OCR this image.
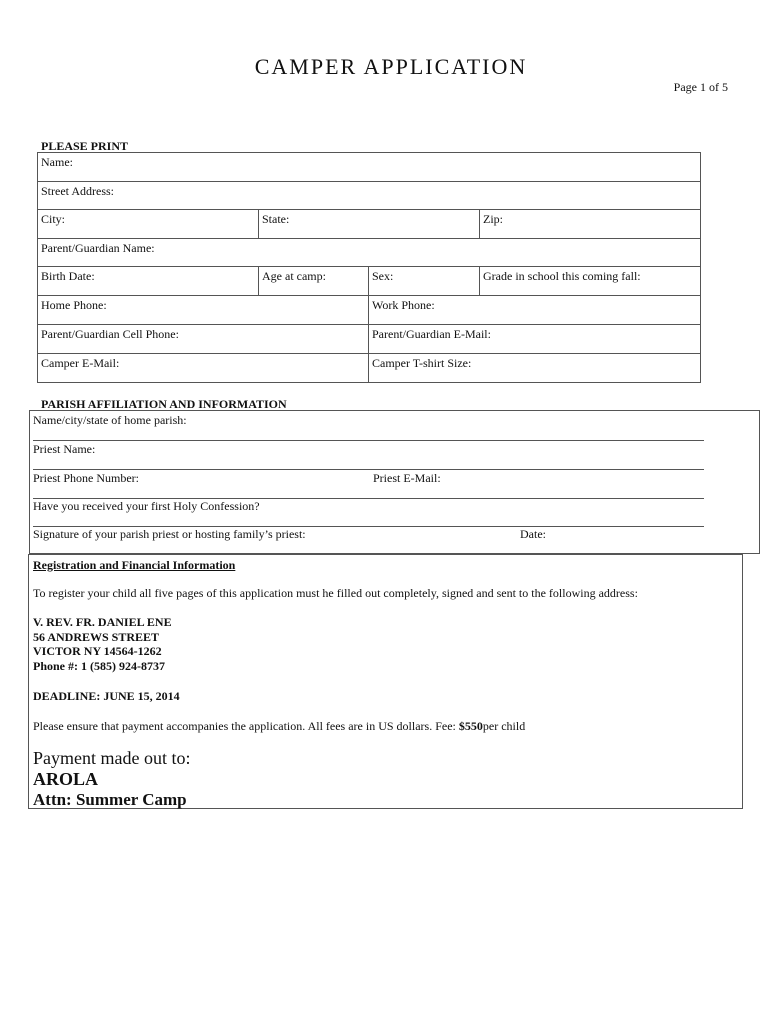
CAMPER APPLICATION
Page 1 of 5
PLEASE PRINT
Name:
Street Address:
City:	State:	Zip:
Parent/Guardian Name:
Birth Date:	Age at camp:	Sex:	Grade in school this coming fall:
Home Phone:	Work Phone:
Parent/Guardian Cell Phone:	Parent/Guardian E-Mail:
Camper E-Mail:	Camper T-shirt Size:
PARISH AFFILIATION AND INFORMATION
Name/city/state of home parish:
Priest Name:
Priest Phone Number:	Priest E-Mail:
Have you received your first Holy Confession?
Signature of your parish priest or hosting family’s priest:	Date:
Registration and Financial Information
To register your child all five pages of this application must he filled out completely, signed and sent to the following address:
V. REV. FR. DANIEL ENE
56 ANDREWS STREET
VICTOR NY 14564-1262
Phone #: 1 (585) 924-8737
DEADLINE: JUNE 15, 2014
Please ensure that payment accompanies the application. All fees are in US dollars. Fee: $550per child
Payment made out to:
AROLA
Attn: Summer Camp
